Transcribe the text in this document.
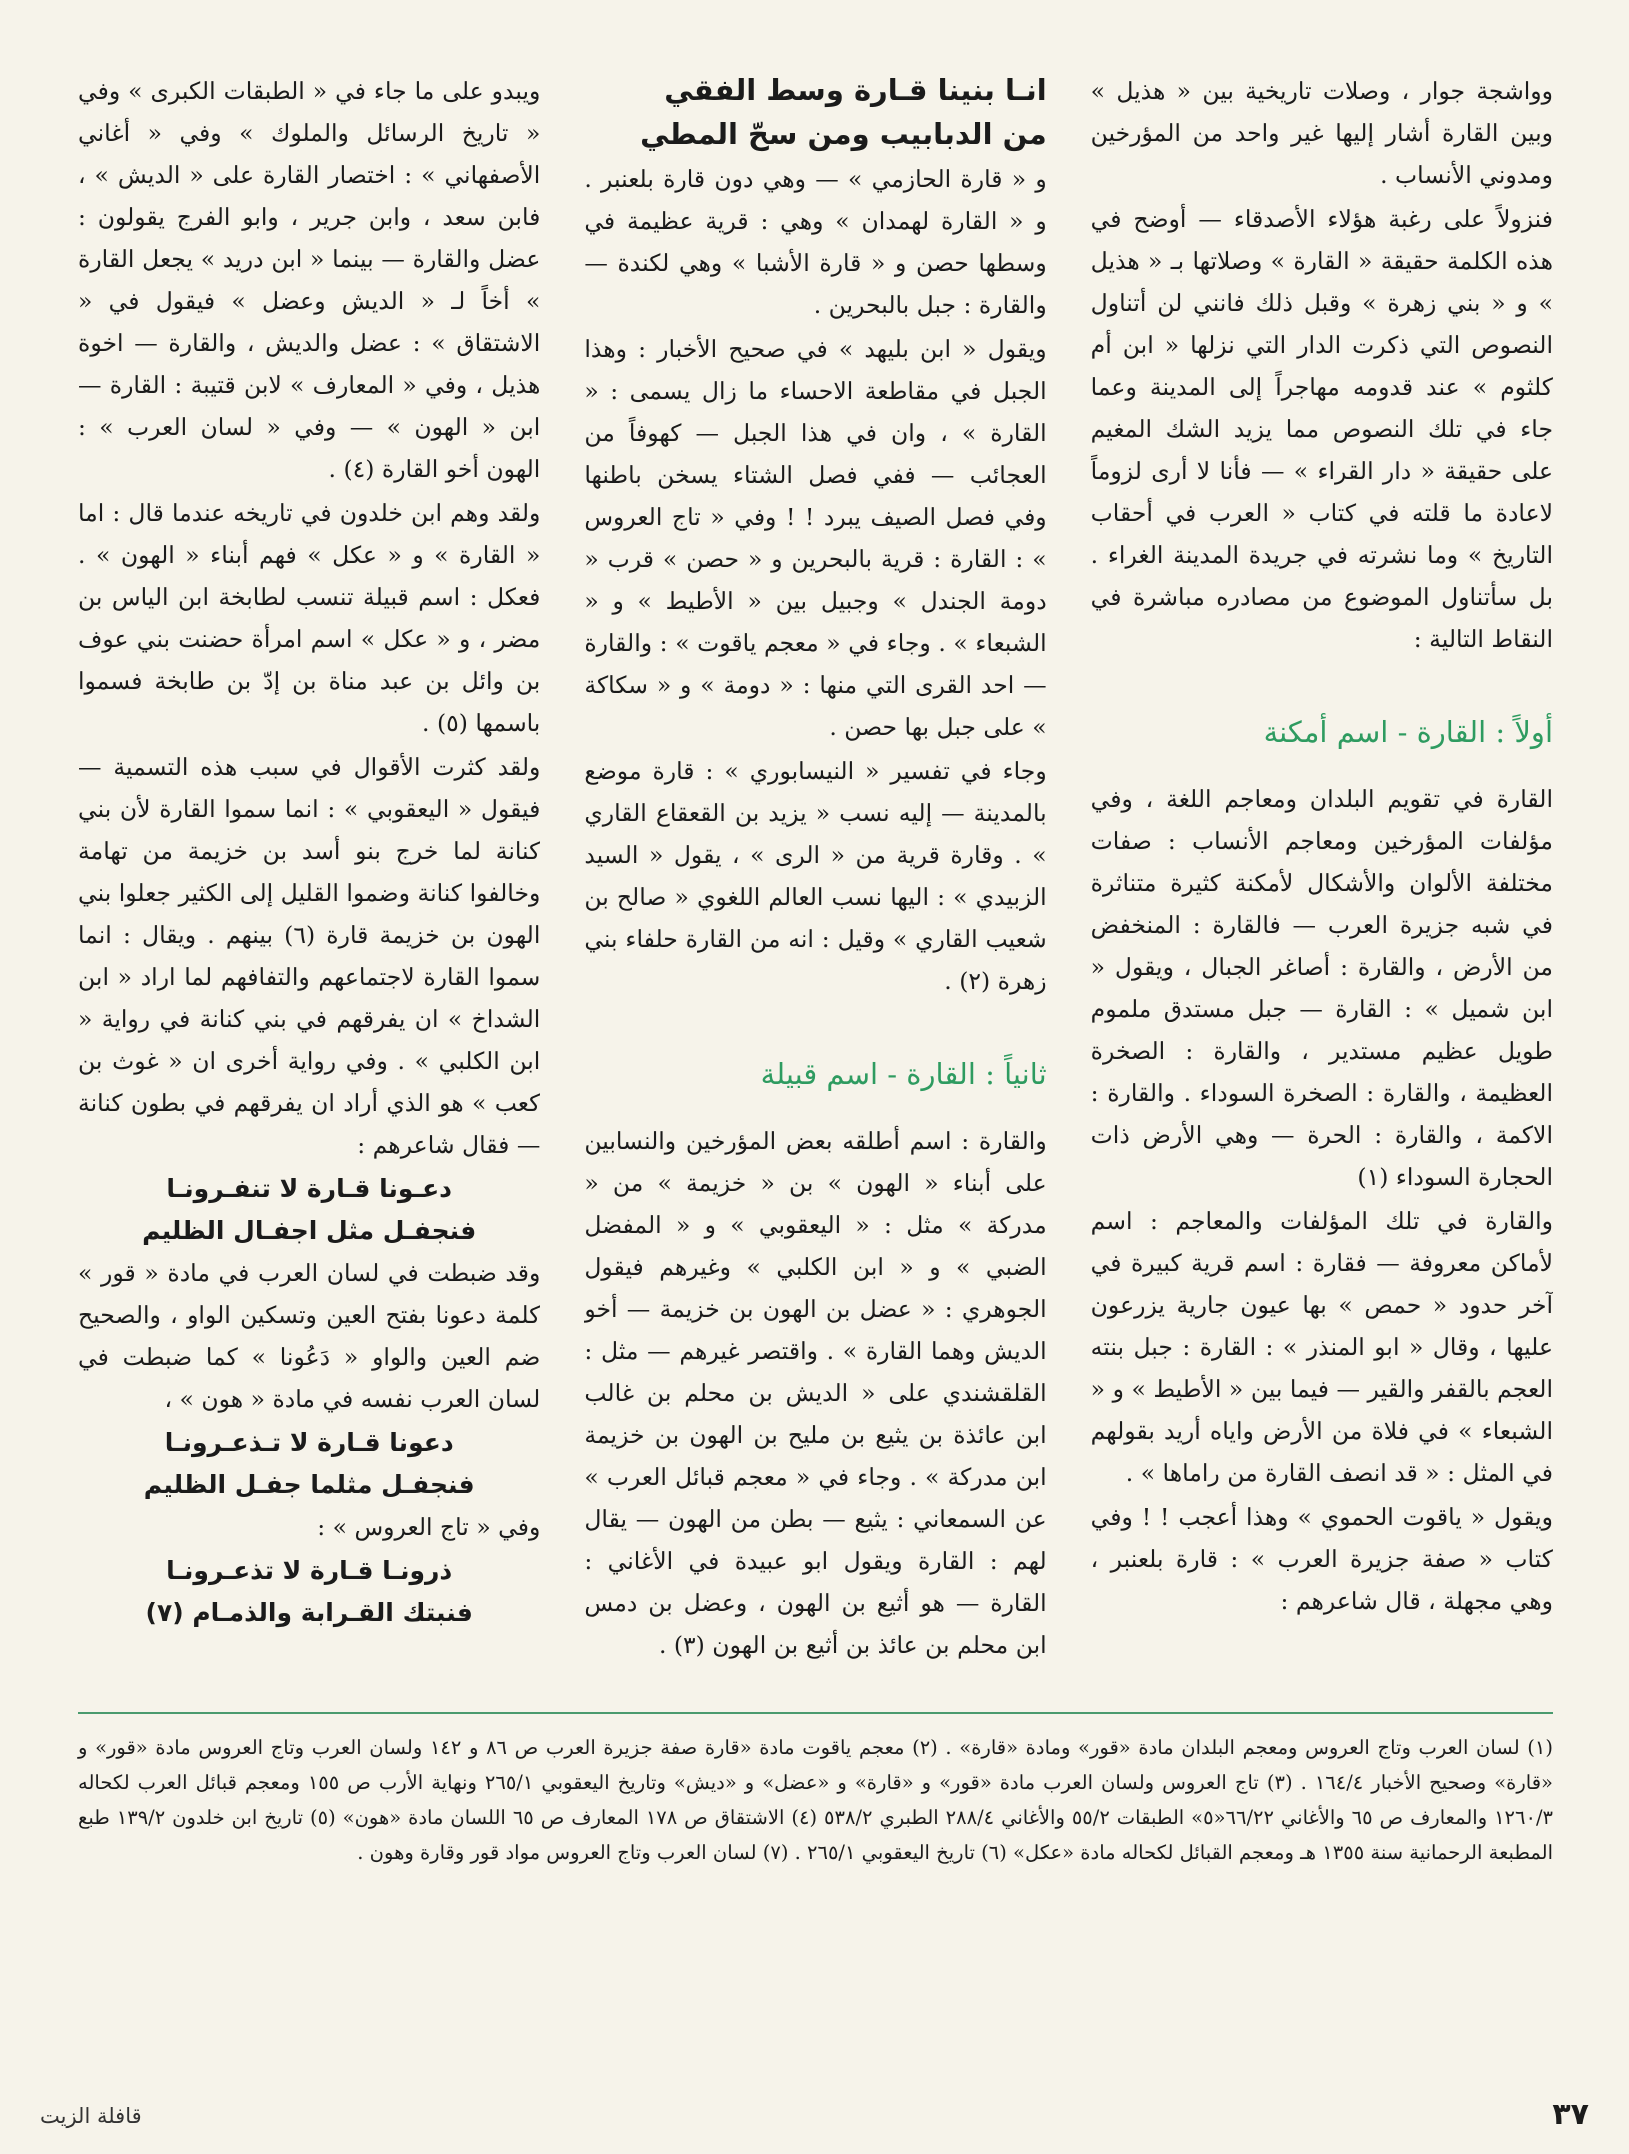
وواشجة جوار ، وصلات تاريخية بين « هذيل » وبين القارة أشار إليها غير واحد من المؤرخين ومدوني الأنساب .

فنزولاً على رغبة هؤلاء الأصدقاء — أوضح في هذه الكلمة حقيقة « القارة » وصلاتها بـ « هذيل » و « بني زهرة » وقبل ذلك فانني لن أتناول النصوص التي ذكرت الدار التي نزلها « ابن أم كلثوم » عند قدومه مهاجراً إلى المدينة وعما جاء في تلك النصوص مما يزيد الشك المغيم على حقيقة « دار القراء » — فأنا لا أرى لزوماً لاعادة ما قلته في كتاب « العرب في أحقاب التاريخ » وما نشرته في جريدة المدينة الغراء . بل سأتناول الموضوع من مصادره مباشرة في النقاط التالية :

أولاً : القارة - اسم أمكنة

القارة في تقويم البلدان ومعاجم اللغة ، وفي مؤلفات المؤرخين ومعاجم الأنساب : صفات مختلفة الألوان والأشكال لأمكنة كثيرة متناثرة في شبه جزيرة العرب — فالقارة : المنخفض من الأرض ، والقارة : أصاغر الجبال ، ويقول « ابن شميل » : القارة — جبل مستدق ملموم طويل عظيم مستدير ، والقارة : الصخرة العظيمة ، والقارة : الصخرة السوداء . والقارة : الاكمة ، والقارة : الحرة — وهي الأرض ذات الحجارة السوداء (١)

والقارة في تلك المؤلفات والمعاجم : اسم لأماكن معروفة — فقارة : اسم قرية كبيرة في آخر حدود « حمص » بها عيون جارية يزرعون عليها ، وقال « ابو المنذر » : القارة : جبل بنته العجم بالقفر والقير — فيما بين « الأطيط » و « الشبعاء » في فلاة من الأرض واياه أريد بقولهم في المثل : « قد انصف القارة من راماها » .

ويقول « ياقوت الحموي » وهذا أعجب ! ! وفي كتاب « صفة جزيرة العرب » : قارة بلعنبر ، وهي مجهلة ، قال شاعرهم :

انـا بنينا قـارة وسط الفقي

من الدبابيب ومن سحّ المطي

و « قارة الحازمي » — وهي دون قارة بلعنبر . و « القارة لهمدان » وهي : قرية عظيمة في وسطها حصن و « قارة الأشبا » وهي لكندة — والقارة : جبل بالبحرين .

ويقول « ابن بليهد » في صحيح الأخبار : وهذا الجبل في مقاطعة الاحساء ما زال يسمى : « القارة » ، وان في هذا الجبل — كهوفاً من العجائب — ففي فصل الشتاء يسخن باطنها وفي فصل الصيف يبرد ! ! وفي « تاج العروس » : القارة : قرية بالبحرين و « حصن » قرب « دومة الجندل » وجبيل بين « الأطيط » و « الشبعاء » . وجاء في « معجم ياقوت » : والقارة — احد القرى التي منها : « دومة » و « سكاكة » على جبل بها حصن .

وجاء في تفسير « النيسابوري » : قارة موضع بالمدينة — إليه نسب « يزيد بن القعقاع القاري » . وقارة قرية من « الرى » ، يقول « السيد الزبيدي » : اليها نسب العالم اللغوي « صالح بن شعيب القاري » وقيل : انه من القارة حلفاء بني زهرة (٢) .

ثانياً : القارة - اسم قبيلة

والقارة : اسم أطلقه بعض المؤرخين والنسابين على أبناء « الهون » بن « خزيمة » من « مدركة » مثل : « اليعقوبي » و « المفضل الضبي » و « ابن الكلبي » وغيرهم فيقول الجوهري : « عضل بن الهون بن خزيمة — أخو الديش وهما القارة » . واقتصر غيرهم — مثل : القلقشندي على « الديش بن محلم بن غالب ابن عائذة بن يثيع بن مليح بن الهون بن خزيمة ابن مدركة » . وجاء في « معجم قبائل العرب » عن السمعاني : يثيع — بطن من الهون — يقال لهم : القارة ويقول ابو عبيدة في الأغاني : القارة — هو أثيع بن الهون ، وعضل بن دمس ابن محلم بن عائذ بن أثيع بن الهون (٣) .

ويبدو على ما جاء في « الطبقات الكبرى » وفي « تاريخ الرسائل والملوك » وفي « أغاني الأصفهاني » : اختصار القارة على « الديش » ، فابن سعد ، وابن جرير ، وابو الفرج يقولون : عضل والقارة — بينما « ابن دريد » يجعل القارة » أخاً لـ « الديش وعضل » فيقول في « الاشتقاق » : عضل والديش ، والقارة — اخوة هذيل ، وفي « المعارف » لابن قتيبة : القارة — ابن « الهون » — وفي « لسان العرب » : الهون أخو القارة (٤) .

ولقد وهم ابن خلدون في تاريخه عندما قال : اما « القارة » و « عكل » فهم أبناء « الهون » . فعكل : اسم قبيلة تنسب لطابخة ابن الياس بن مضر ، و « عكل » اسم امرأة حضنت بني عوف بن وائل بن عبد مناة بن إدّ بن طابخة فسموا باسمها (٥) .

ولقد كثرت الأقوال في سبب هذه التسمية — فيقول « اليعقوبي » : انما سموا القارة لأن بني كنانة لما خرج بنو أسد بن خزيمة من تهامة وخالفوا كنانة وضموا القليل إلى الكثير جعلوا بني الهون بن خزيمة قارة (٦) بينهم . ويقال : انما سموا القارة لاجتماعهم والتفافهم لما اراد « ابن الشداخ » ان يفرقهم في بني كنانة في رواية « ابن الكلبي » . وفي رواية أخرى ان « غوث بن كعب » هو الذي أراد ان يفرقهم في بطون كنانة — فقال شاعرهم :

دعـونا قـارة لا تنفـرونـا

فنجفـل مثل اجفـال الظليم

وقد ضبطت في لسان العرب في مادة « قور » كلمة دعونا بفتح العين وتسكين الواو ، والصحيح ضم العين والواو « دَعُونا » كما ضبطت في لسان العرب نفسه في مادة « هون » ،

دعونا قـارة لا تـذعـرونـا

فنجفـل مثلما جفـل الظليم

وفي « تاج العروس » :

ذرونـا قـارة لا تذعـرونـا

فنبتك القـرابة والذمـام (٧)

(١) لسان العرب وتاج العروس ومعجم البلدان مادة «قور» ومادة «قارة» . (٢) معجم ياقوت مادة «قارة صفة جزيرة العرب ص ٨٦ و ١٤٢ ولسان العرب وتاج العروس مادة «قور» و «قارة» وصحيح الأخبار ١٦٤/٤ . (٣) تاج العروس ولسان العرب مادة «قور» و «قارة» و «عضل» و «ديش» وتاريخ اليعقوبي ٢٦٥/١ ونهاية الأرب ص ١٥٥ ومعجم قبائل العرب لكحاله ١٢٦٠/٣ والمعارف ص ٦٥ والأغاني ٦٦/٢٢«٥» الطبقات ٥٥/٢ والأغاني ٢٨٨/٤ الطبري ٥٣٨/٢ (٤) الاشتقاق ص ١٧٨ المعارف ص ٦٥ اللسان مادة «هون» (٥) تاريخ ابن خلدون ١٣٩/٢ طبع المطبعة الرحمانية سنة ١٣٥٥ هـ ومعجم القبائل لكحاله مادة «عكل» (٦) تاريخ اليعقوبي ٢٦٥/١ . (٧) لسان العرب وتاج العروس مواد قور وقارة وهون .

٣٧
قافلة الزيت
